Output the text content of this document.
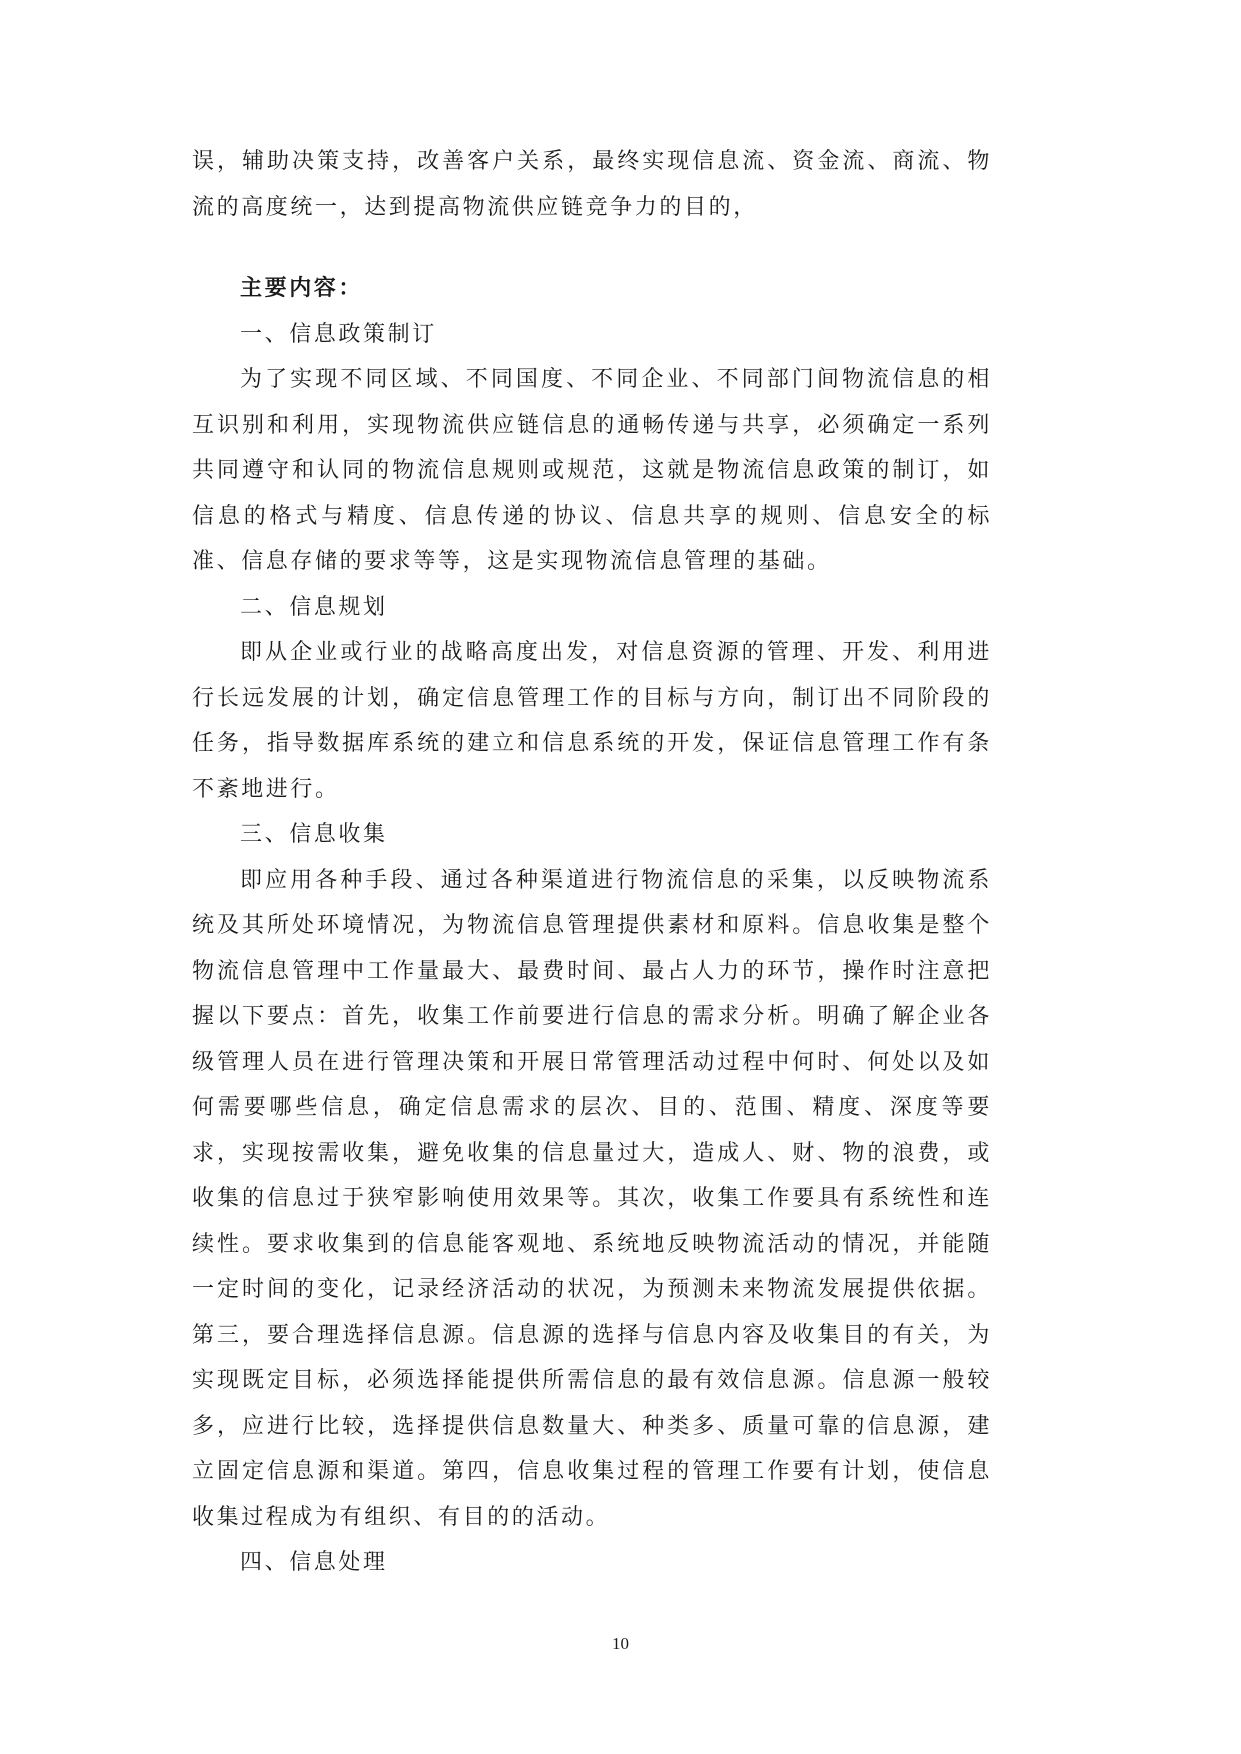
误，辅助决策支持，改善客户关系，最终实现信息流、资金流、商流、物流的高度统一，达到提高物流供应链竞争力的目的，

主要内容：

一、信息政策制订

为了实现不同区域、不同国度、不同企业、不同部门间物流信息的相互识别和利用，实现物流供应链信息的通畅传递与共享，必须确定一系列共同遵守和认同的物流信息规则或规范，这就是物流信息政策的制订，如信息的格式与精度、信息传递的协议、信息共享的规则、信息安全的标准、信息存储的要求等等，这是实现物流信息管理的基础。

二、信息规划

即从企业或行业的战略高度出发，对信息资源的管理、开发、利用进行长远发展的计划，确定信息管理工作的目标与方向，制订出不同阶段的任务，指导数据库系统的建立和信息系统的开发，保证信息管理工作有条不紊地进行。

三、信息收集

即应用各种手段、通过各种渠道进行物流信息的采集，以反映物流系统及其所处环境情况，为物流信息管理提供素材和原料。信息收集是整个物流信息管理中工作量最大、最费时间、最占人力的环节，操作时注意把握以下要点：首先，收集工作前要进行信息的需求分析。明确了解企业各级管理人员在进行管理决策和开展日常管理活动过程中何时、何处以及如何需要哪些信息，确定信息需求的层次、目的、范围、精度、深度等要求，实现按需收集，避免收集的信息量过大，造成人、财、物的浪费，或收集的信息过于狭窄影响使用效果等。其次，收集工作要具有系统性和连续性。要求收集到的信息能客观地、系统地反映物流活动的情况，并能随一定时间的变化，记录经济活动的状况，为预测未来物流发展提供依据。第三，要合理选择信息源。信息源的选择与信息内容及收集目的有关，为实现既定目标，必须选择能提供所需信息的最有效信息源。信息源一般较多，应进行比较，选择提供信息数量大、种类多、质量可靠的信息源，建立固定信息源和渠道。第四，信息收集过程的管理工作要有计划，使信息收集过程成为有组织、有目的的活动。

四、信息处理

10
